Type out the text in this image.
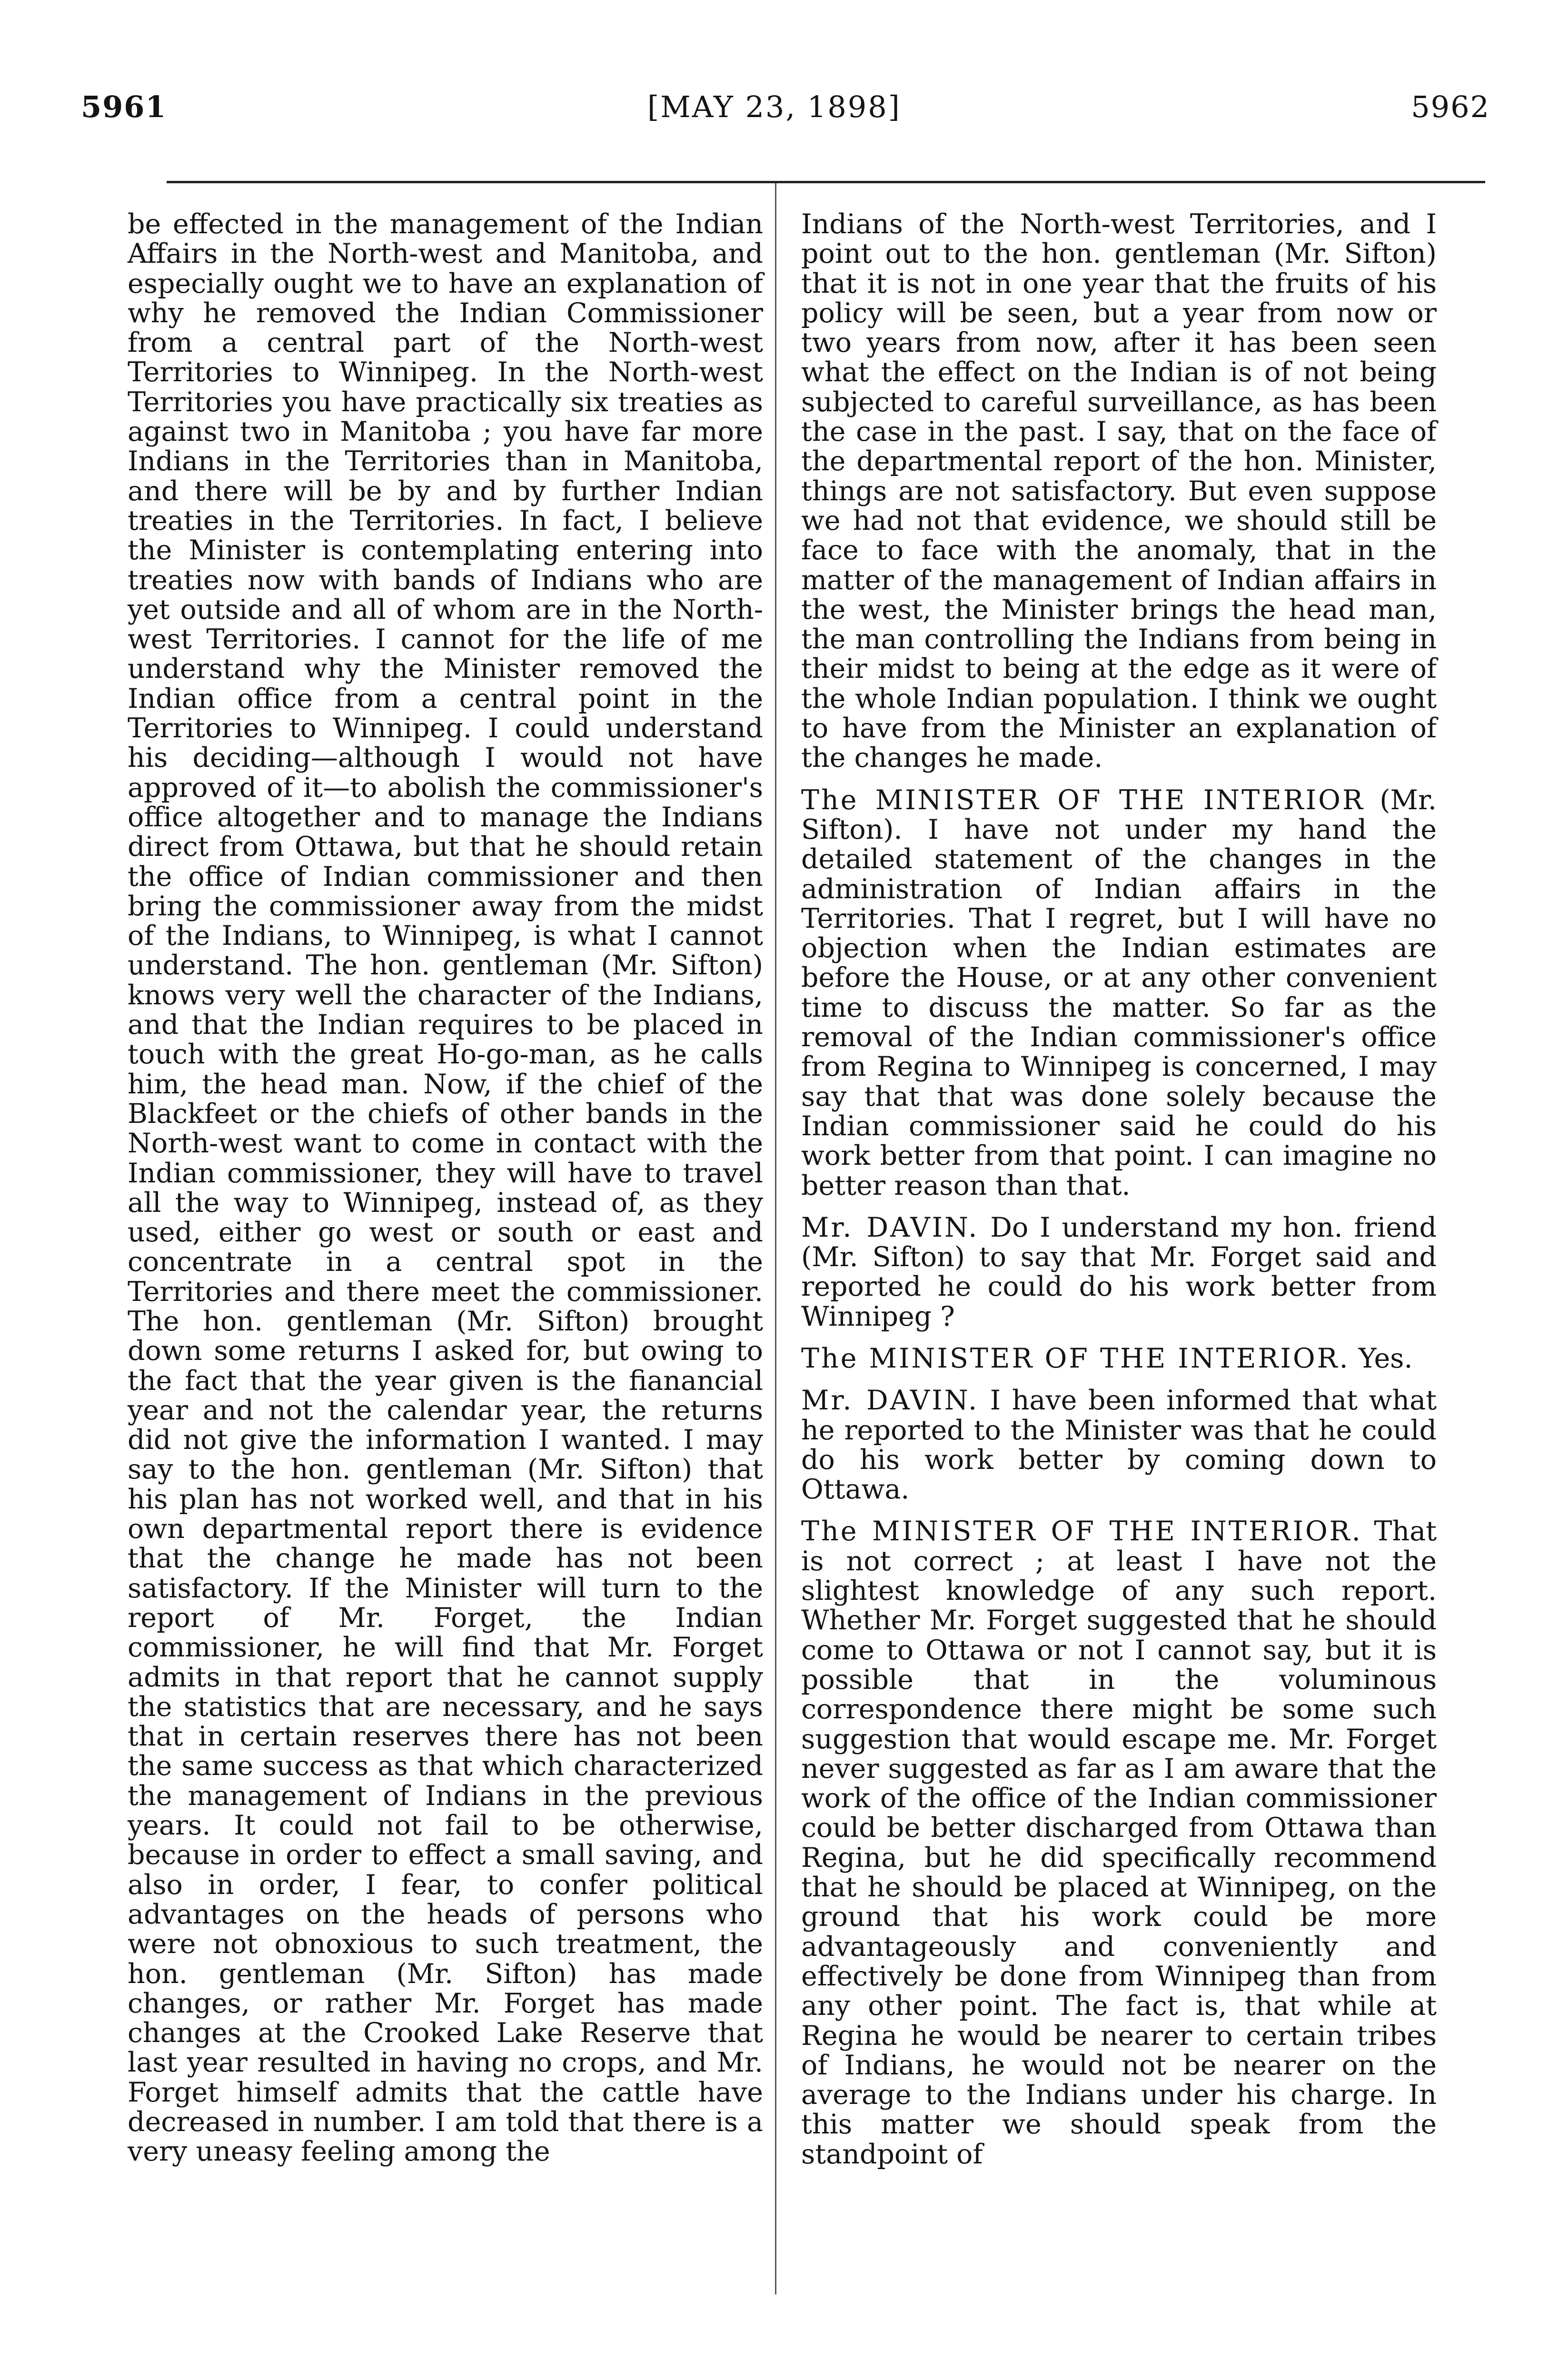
5961	[MAY 23, 1898]	5962

be effected in the management of the Indian Affairs in the North-west and Manitoba, and especially ought we to have an explanation of why he removed the Indian Commissioner from a central part of the North-west Territories to Winnipeg. In the North-west Territories you have practically six treaties as against two in Manitoba ; you have far more Indians in the Territories than in Manitoba, and there will be by and by further Indian treaties in the Territories. In fact, I believe the Minister is contemplating entering into treaties now with bands of Indians who are yet outside and all of whom are in the North-west Territories. I cannot for the life of me understand why the Minister removed the Indian office from a central point in the Territories to Winnipeg. I could understand his deciding—although I would not have approved of it—to abolish the commissioner's office altogether and to manage the Indians direct from Ottawa, but that he should retain the office of Indian commissioner and then bring the commissioner away from the midst of the Indians, to Winnipeg, is what I cannot understand. The hon. gentleman (Mr. Sifton) knows very well the character of the Indians, and that the Indian requires to be placed in touch with the great Ho-go-man, as he calls him, the head man. Now, if the chief of the Blackfeet or the chiefs of other bands in the North-west want to come in contact with the Indian commissioner, they will have to travel all the way to Winnipeg, instead of, as they used, either go west or south or east and concentrate in a central spot in the Territories and there meet the commissioner. The hon. gentleman (Mr. Sifton) brought down some returns I asked for, but owing to the fact that the year given is the fianancial year and not the calendar year, the returns did not give the information I wanted. I may say to the hon. gentleman (Mr. Sifton) that his plan has not worked well, and that in his own departmental report there is evidence that the change he made has not been satisfactory. If the Minister will turn to the report of Mr. Forget, the Indian commissioner, he will find that Mr. Forget admits in that report that he cannot supply the statistics that are necessary, and he says that in certain reserves there has not been the same success as that which characterized the management of Indians in the previous years. It could not fail to be otherwise, because in order to effect a small saving, and also in order, I fear, to confer political advantages on the heads of persons who were not obnoxious to such treatment, the hon. gentleman (Mr. Sifton) has made changes, or rather Mr. Forget has made changes at the Crooked Lake Reserve that last year resulted in having no crops, and Mr. Forget himself admits that the cattle have decreased in number. I am told that there is a very uneasy feeling among the

Indians of the North-west Territories, and I point out to the hon. gentleman (Mr. Sifton) that it is not in one year that the fruits of his policy will be seen, but a year from now or two years from now, after it has been seen what the effect on the Indian is of not being subjected to careful surveillance, as has been the case in the past. I say, that on the face of the departmental report of the hon. Minister, things are not satisfactory. But even suppose we had not that evidence, we should still be face to face with the anomaly, that in the matter of the management of Indian affairs in the west, the Minister brings the head man, the man controlling the Indians from being in their midst to being at the edge as it were of the whole Indian population. I think we ought to have from the Minister an explanation of the changes he made.

The MINISTER OF THE INTERIOR (Mr. Sifton). I have not under my hand the detailed statement of the changes in the administration of Indian affairs in the Territories. That I regret, but I will have no objection when the Indian estimates are before the House, or at any other convenient time to discuss the matter. So far as the removal of the Indian commissioner's office from Regina to Winnipeg is concerned, I may say that that was done solely because the Indian commissioner said he could do his work better from that point. I can imagine no better reason than that.

Mr. DAVIN. Do I understand my hon. friend (Mr. Sifton) to say that Mr. Forget said and reported he could do his work better from Winnipeg ?

The MINISTER OF THE INTERIOR. Yes.

Mr. DAVIN. I have been informed that what he reported to the Minister was that he could do his work better by coming down to Ottawa.

The MINISTER OF THE INTERIOR. That is not correct ; at least I have not the slightest knowledge of any such report. Whether Mr. Forget suggested that he should come to Ottawa or not I cannot say, but it is possible that in the voluminous correspondence there might be some such suggestion that would escape me. Mr. Forget never suggested as far as I am aware that the work of the office of the Indian commissioner could be better discharged from Ottawa than Regina, but he did specifically recommend that he should be placed at Winnipeg, on the ground that his work could be more advantageously and conveniently and effectively be done from Winnipeg than from any other point. The fact is, that while at Regina he would be nearer to certain tribes of Indians, he would not be nearer on the average to the Indians under his charge. In this matter we should speak from the standpoint of
